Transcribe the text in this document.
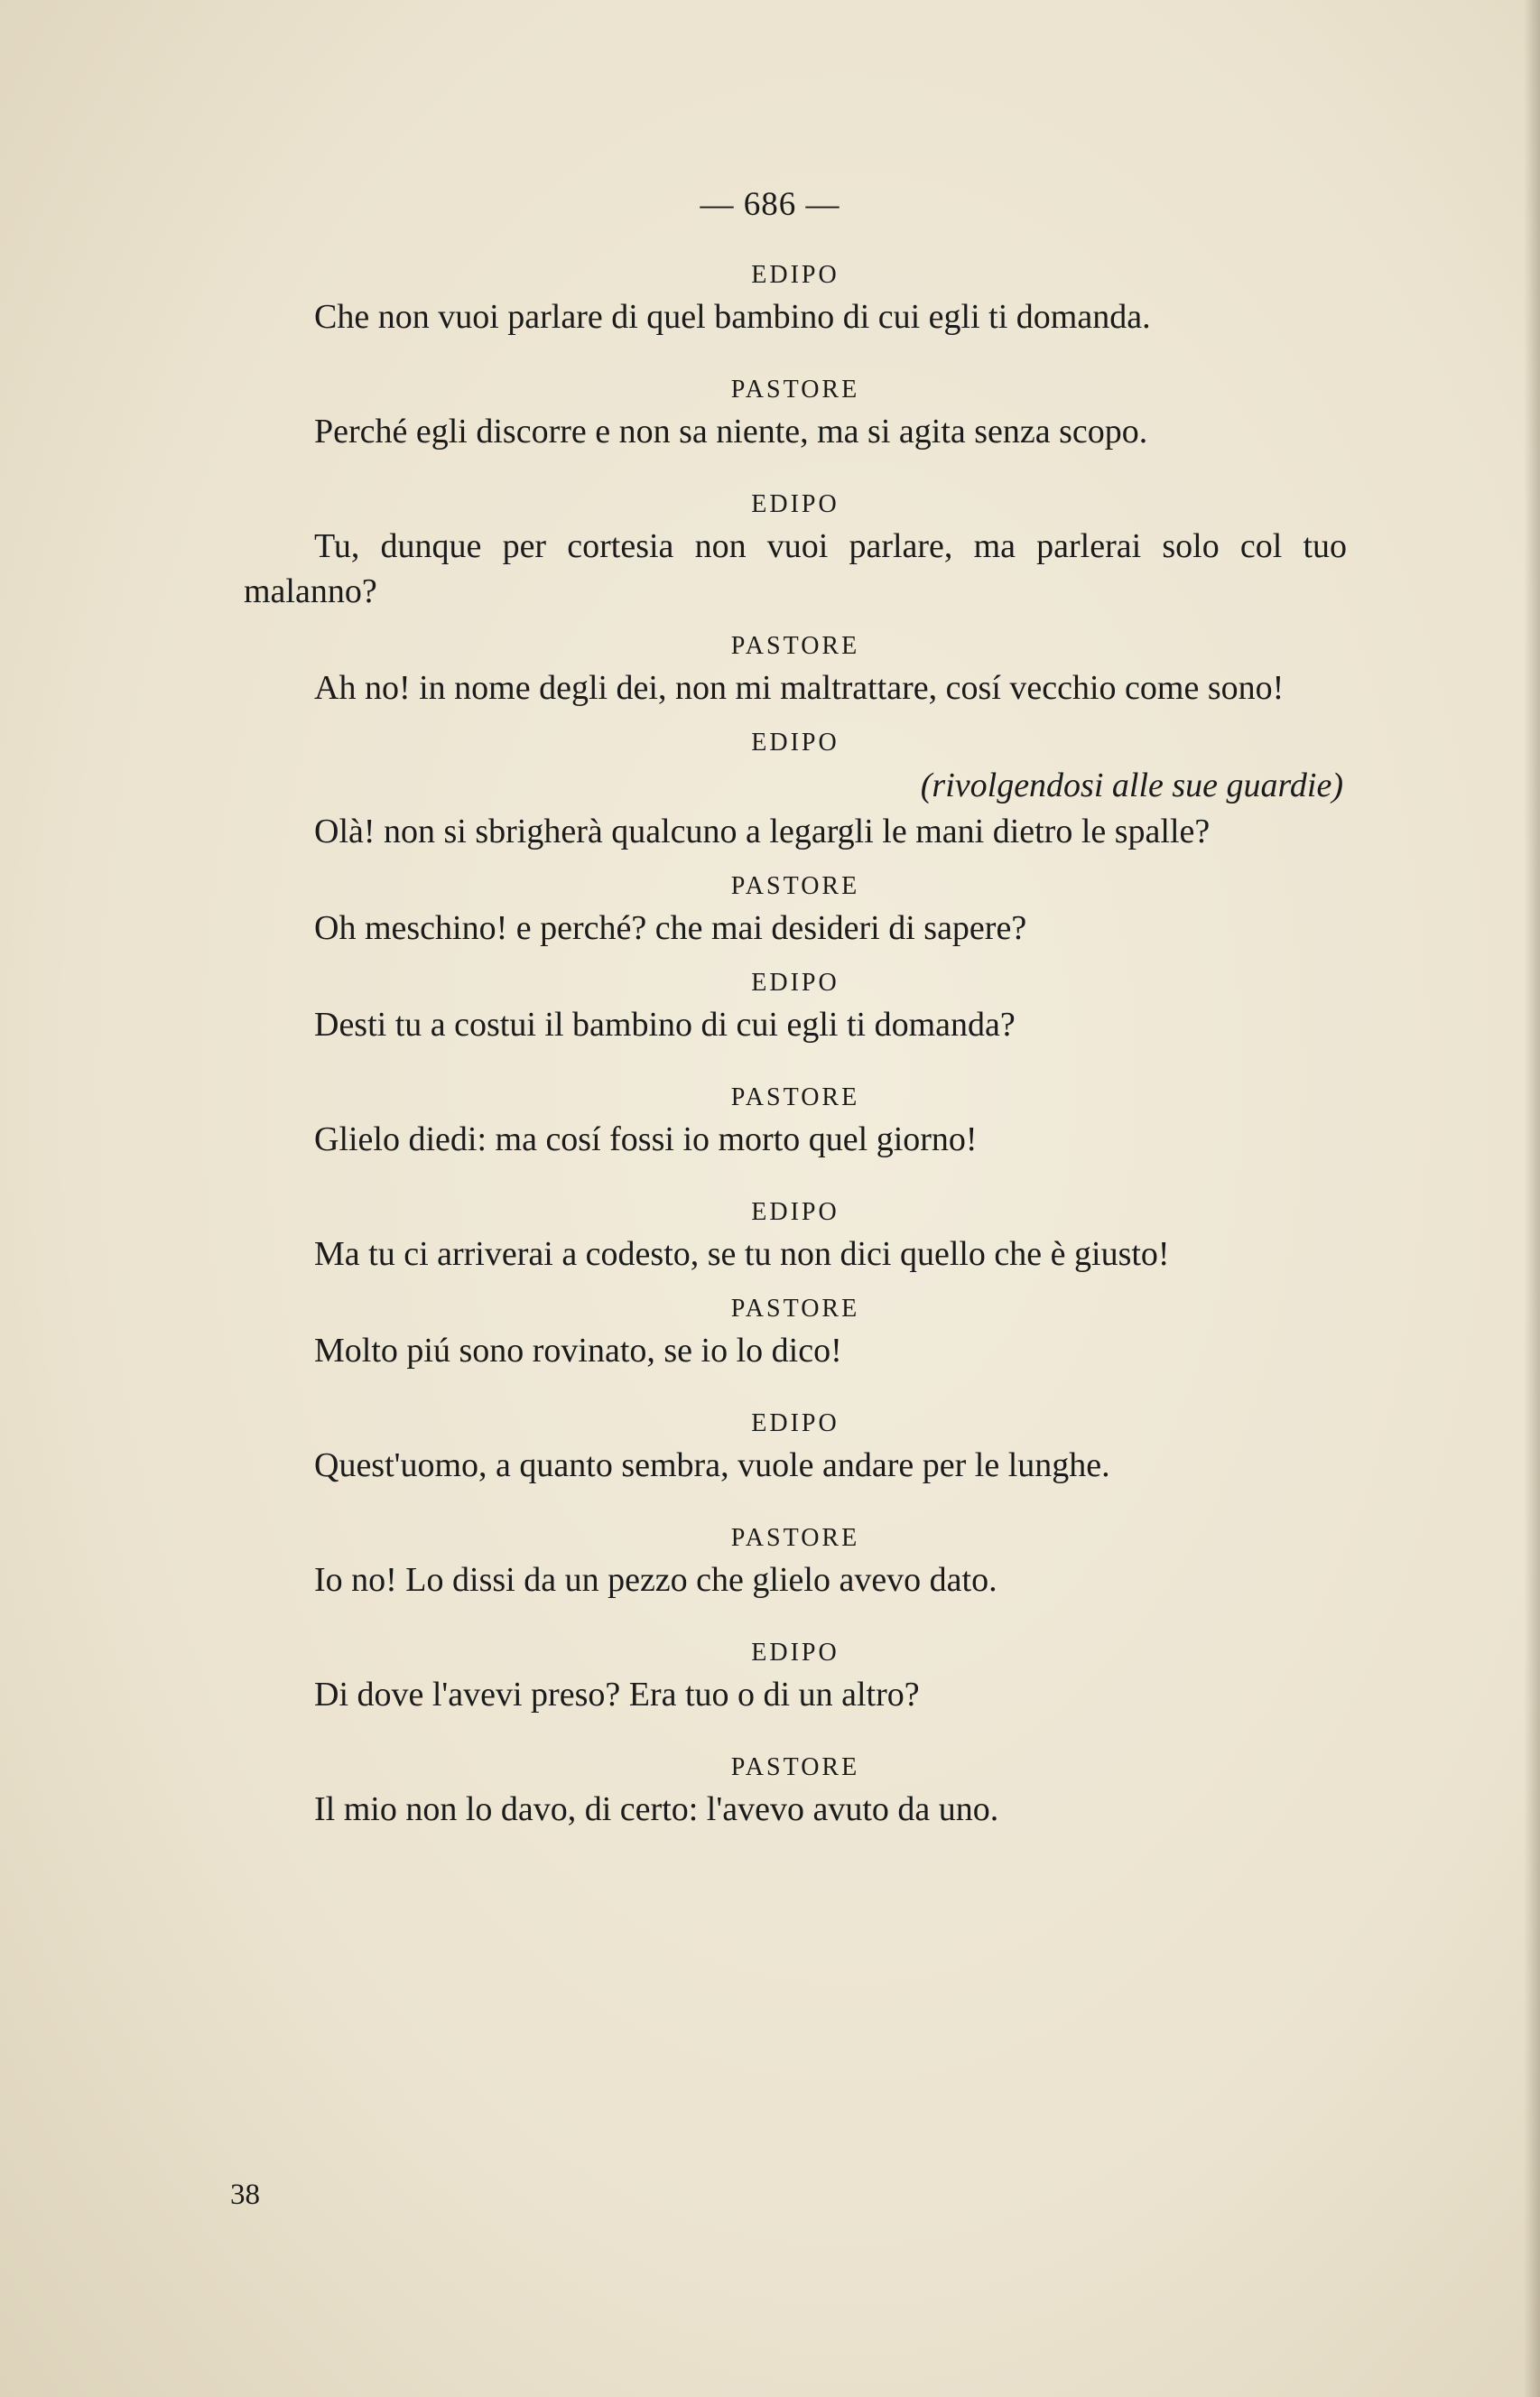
— 686 —
EDIPO
Che non vuoi parlare di quel bambino di cui egli ti domanda.
PASTORE
Perché egli discorre e non sa niente, ma si agita senza scopo.
EDIPO
Tu, dunque per cortesia non vuoi parlare, ma parlerai solo col tuo malanno?
PASTORE
Ah no! in nome degli dei, non mi maltrattare, cosí vecchio come sono!
EDIPO
(rivolgendosi alle sue guardie)
Olà! non si sbrigherà qualcuno a legargli le mani dietro le spalle?
PASTORE
Oh meschino! e perché? che mai desideri di sapere?
EDIPO
Desti tu a costui il bambino di cui egli ti domanda?
PASTORE
Glielo diedi: ma cosí fossi io morto quel giorno!
EDIPO
Ma tu ci arriverai a codesto, se tu non dici quello che è giusto!
PASTORE
Molto piú sono rovinato, se io lo dico!
EDIPO
Quest'uomo, a quanto sembra, vuole andare per le lunghe.
PASTORE
Io no! Lo dissi da un pezzo che glielo avevo dato.
EDIPO
Di dove l'avevi preso? Era tuo o di un altro?
PASTORE
Il mio non lo davo, di certo: l'avevo avuto da uno.
38
